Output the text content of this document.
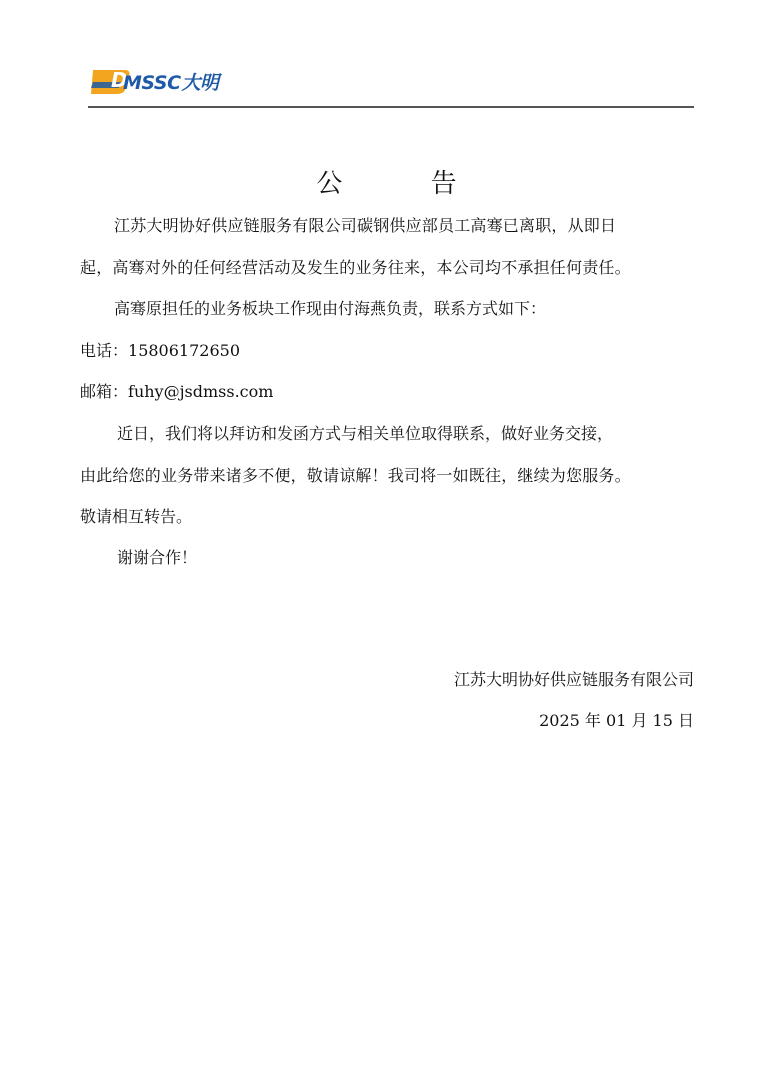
D
MSSC大明
公 告
江苏大明协好供应链服务有限公司碳钢供应部员工高骞已离职，从即日
起，高骞对外的任何经营活动及发生的业务往来，本公司均不承担任何责任。
高骞原担任的业务板块工作现由付海燕负责，联系方式如下：
电话：15806172650
邮箱：fuhy@jsdmss.com
近日，我们将以拜访和发函方式与相关单位取得联系，做好业务交接，
由此给您的业务带来诸多不便，敬请谅解！我司将一如既往，继续为您服务。
敬请相互转告。
谢谢合作！
江苏大明协好供应链服务有限公司
2025 年 01 月 15 日
